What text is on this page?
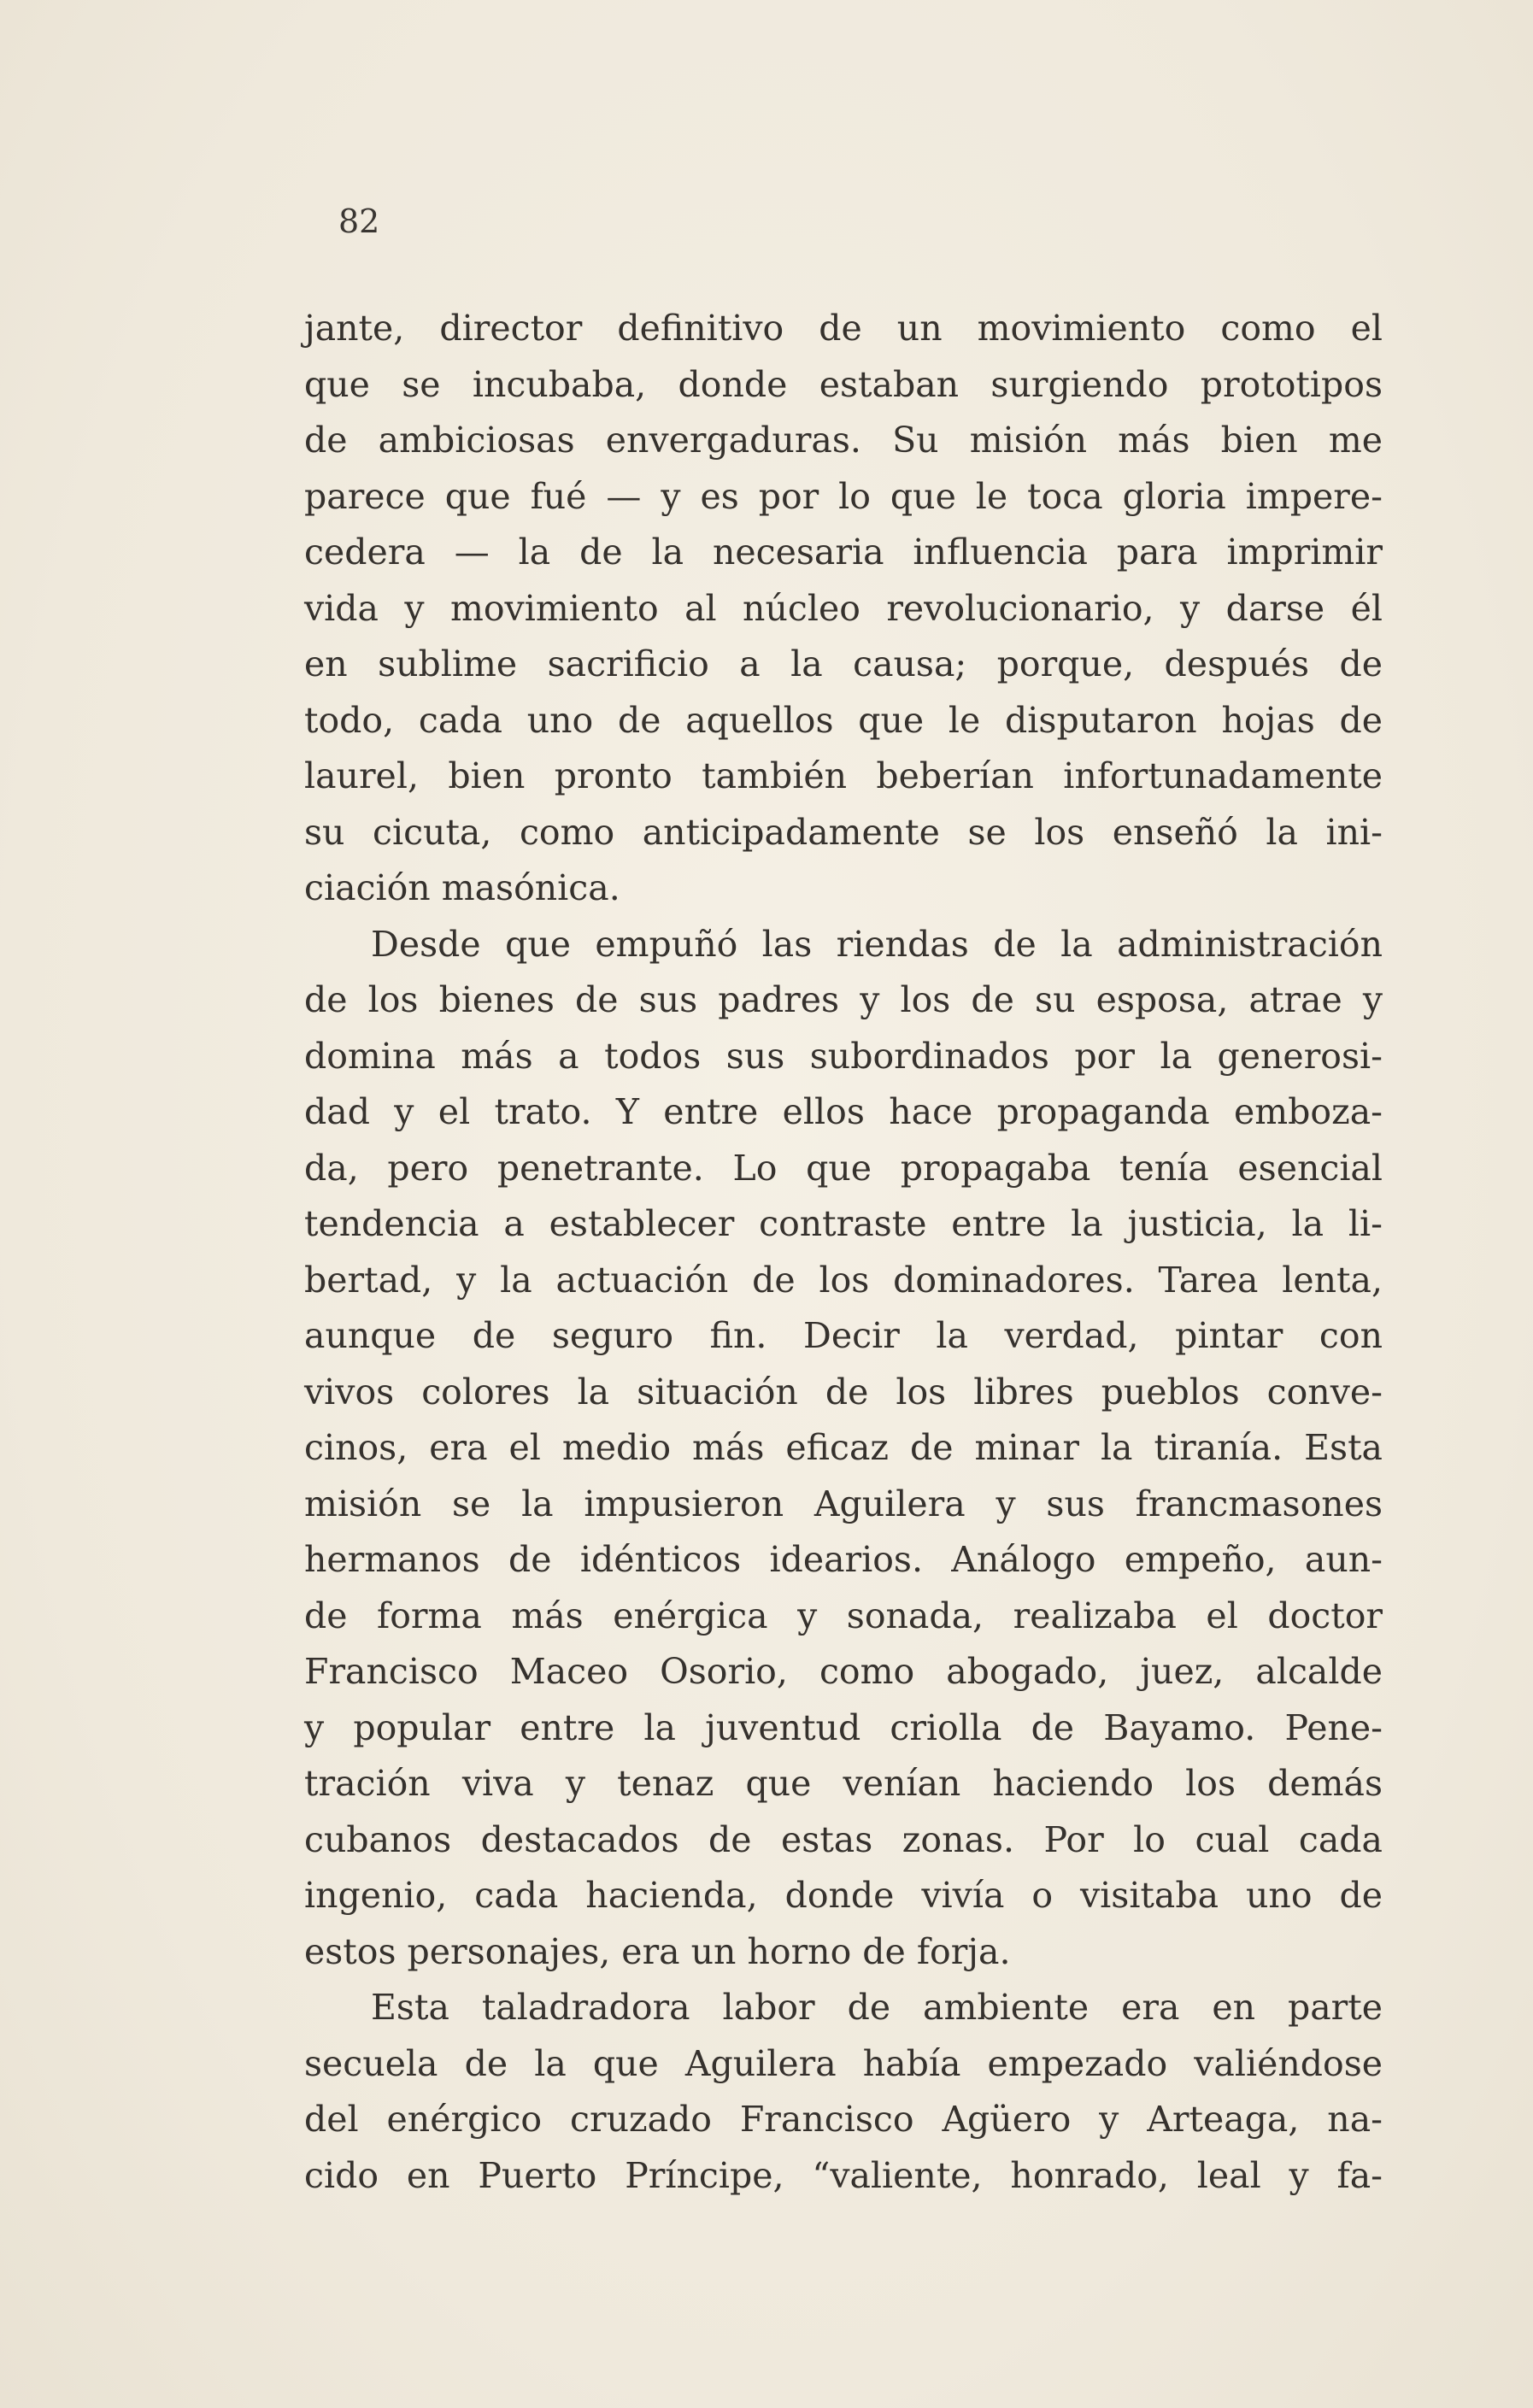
82
jante, director definitivo de un movimiento como el
que se incubaba, donde estaban surgiendo prototipos
de ambiciosas envergaduras. Su misión más bien me
parece que fué — y es por lo que le toca gloria impere-
cedera — la de la necesaria influencia para imprimir
vida y movimiento al núcleo revolucionario, y darse él
en sublime sacrificio a la causa; porque, después de
todo, cada uno de aquellos que le disputaron hojas de
laurel, bien pronto también beberían infortunadamente
su cicuta, como anticipadamente se los enseñó la ini-
ciación masónica.
Desde que empuñó las riendas de la administración
de los bienes de sus padres y los de su esposa, atrae y
domina más a todos sus subordinados por la generosi-
dad y el trato. Y entre ellos hace propaganda emboza-
da, pero penetrante. Lo que propagaba tenía esencial
tendencia a establecer contraste entre la justicia, la li-
bertad, y la actuación de los dominadores. Tarea lenta,
aunque de seguro fin. Decir la verdad, pintar con
vivos colores la situación de los libres pueblos conve-
cinos, era el medio más eficaz de minar la tiranía. Esta
misión se la impusieron Aguilera y sus francmasones
hermanos de idénticos idearios. Análogo empeño, aun-
de forma más enérgica y sonada, realizaba el doctor
Francisco Maceo Osorio, como abogado, juez, alcalde
y popular entre la juventud criolla de Bayamo. Pene-
tración viva y tenaz que venían haciendo los demás
cubanos destacados de estas zonas. Por lo cual cada
ingenio, cada hacienda, donde vivía o visitaba uno de
estos personajes, era un horno de forja.
Esta taladradora labor de ambiente era en parte
secuela de la que Aguilera había empezado valiéndose
del enérgico cruzado Francisco Agüero y Arteaga, na-
cido en Puerto Príncipe, “valiente, honrado, leal y fa-
